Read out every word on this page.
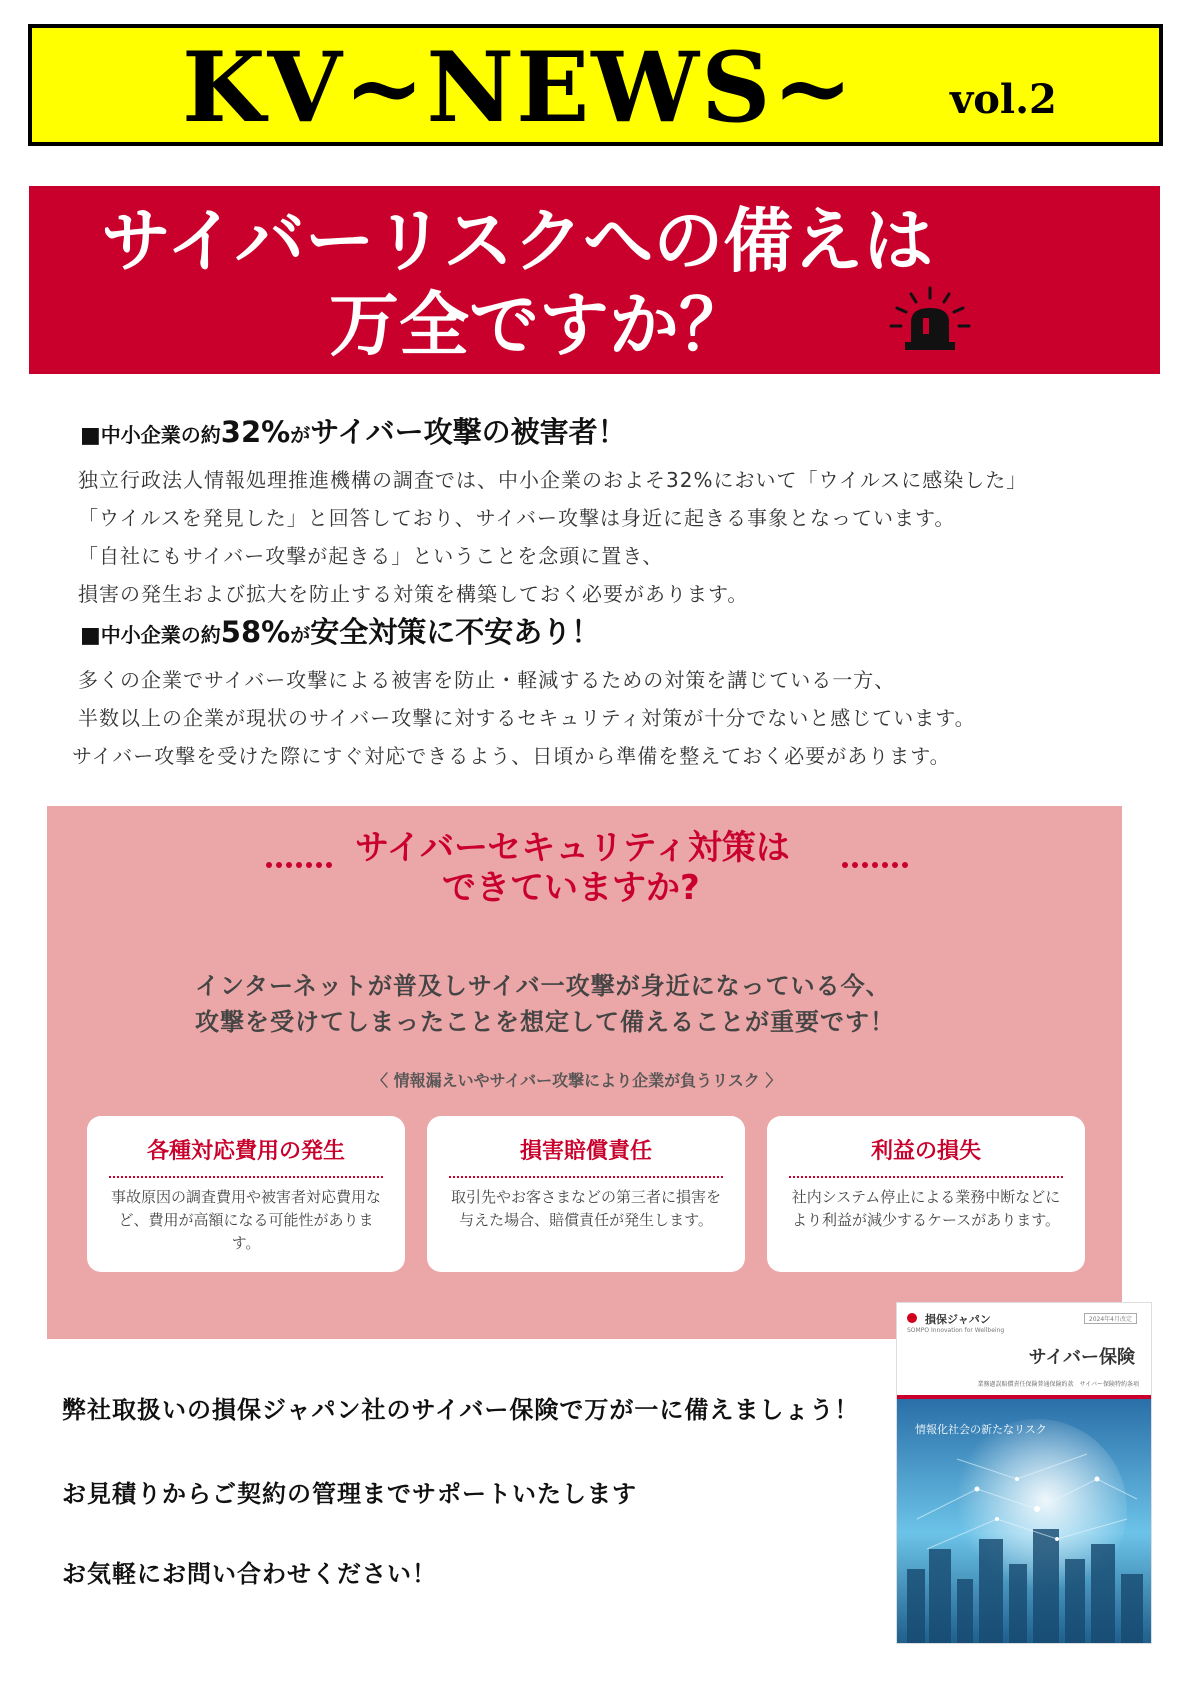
KV~NEWS~ vol.2
サイバーリスクへの備えは
万全ですか？
■中小企業の約32%がサイバー攻撃の被害者！
独立行政法人情報処理推進機構の調査では、中小企業のおよそ32%において「ウイルスに感染した」
「ウイルスを発見した」と回答しており、サイバー攻撃は身近に起きる事象となっています。
「自社にもサイバー攻撃が起きる」ということを念頭に置き、
損害の発生および拡大を防止する対策を構築しておく必要があります。
■中小企業の約58%が安全対策に不安あり！
多くの企業でサイバー攻撃による被害を防止・軽減するための対策を講じている一方、
半数以上の企業が現状のサイバー攻撃に対するセキュリティ対策が十分でないと感じています。
サイバー攻撃を受けた際にすぐ対応できるよう、日頃から準備を整えておく必要があります。
サイバーセキュリティ対策は
できていますか?
インターネットが普及しサイバ一攻撃が身近になっている今、
攻撃を受けてしまったことを想定して備えることが重要です！
〈 情報漏えいやサイバー攻撃により企業が負うリスク 〉
各種対応費用の発生
事故原因の調査費用や被害者対応費用など、費用が高額になる可能性があります。
損害賠償責任
取引先やお客さまなどの第三者に損害を与えた場合、賠償責任が発生します。
利益の損失
社内システム停止による業務中断などにより利益が減少するケースがあります。
弊社取扱いの損保ジャパン社のサイバー保険で万が一に備えましょう！
お見積りからご契約の管理までサポートいたします
お気軽にお問い合わせください！
損保ジャパン
SOMPO Innovation for Wellbeing
2024年4月改定
サイバー保険
業務過誤賠償責任保険普通保険約款　サイバー保険特約条項
情報化社会の新たなリスク
